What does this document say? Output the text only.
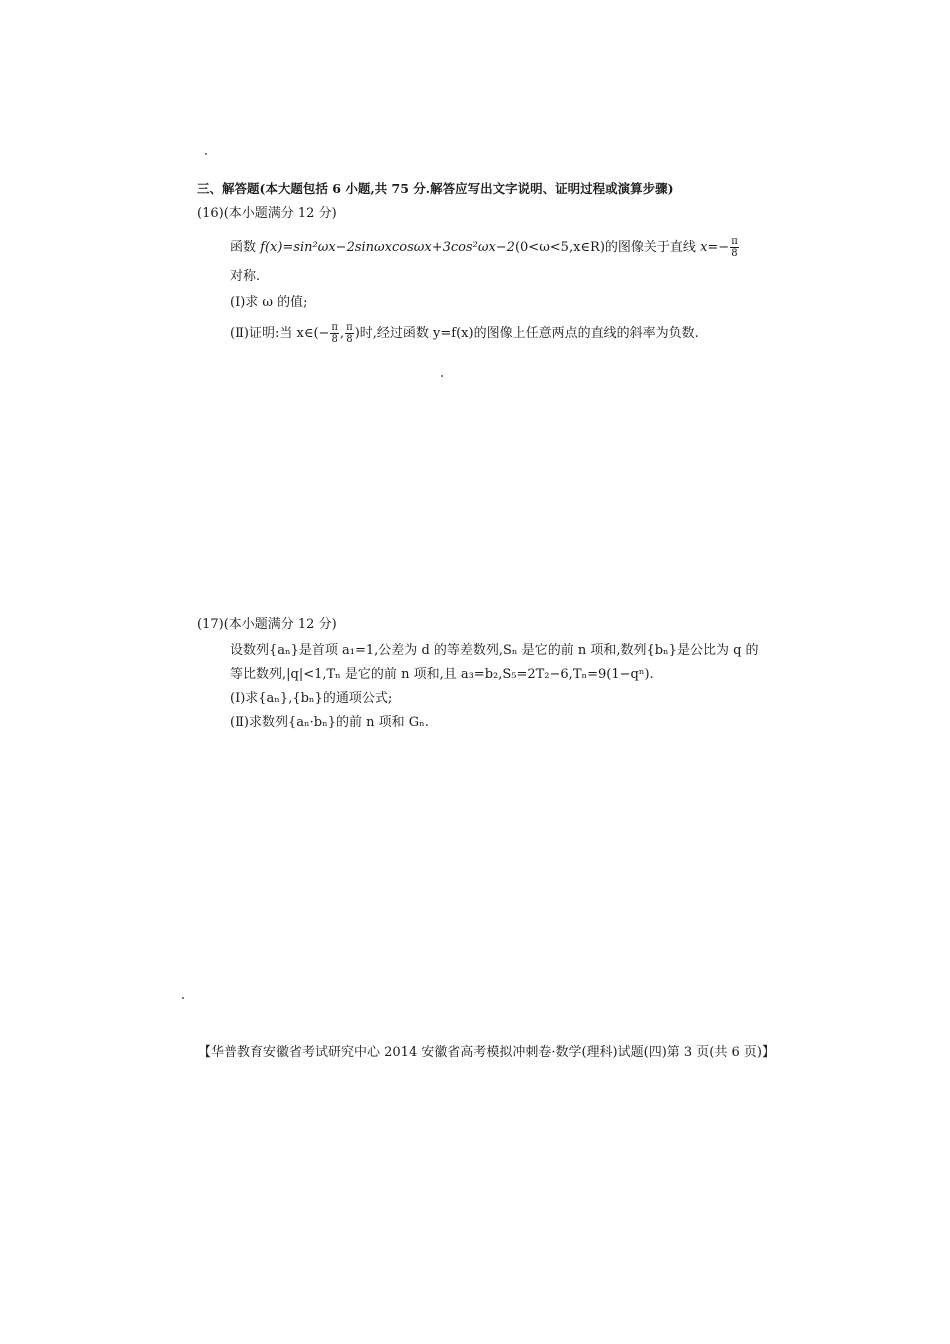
三、解答题(本大题包括 6 小题,共 75 分.解答应写出文字说明、证明过程或演算步骤)
(16)(本小题满分 12 分)
函数 f(x)=sin²ωx−2sinωxcosωx+3cos²ωx−2(0<ω<5,x∈R)的图像关于直线 $x=- \frac{\pi}{8}$
对称.
(Ⅰ)求 ω 的值;
(Ⅱ)证明:当 x∈(− $\frac{\pi}{8}$ , $\frac{\pi}{8}$ )时,经过函数 y=f(x)的图像上任意两点的直线的斜率为负数.
(17)(本小题满分 12 分)
设数列{aₙ}是首项 a₁=1,公差为 d 的等差数列,Sₙ 是它的前 n 项和,数列{bₙ}是公比为 q 的
等比数列,|q|<1,Tₙ 是它的前 n 项和,且 a₃=b₂,S₅=2T₂−6,Tₙ=9(1−qⁿ).
(Ⅰ)求{aₙ},{bₙ}的通项公式;
(Ⅱ)求数列{aₙ·bₙ}的前 n 项和 Gₙ.
【华普教育安徽省考试研究中心 2014 安徽省高考模拟冲刺卷·数学(理科)试题(四)第 3 页(共 6 页)】
